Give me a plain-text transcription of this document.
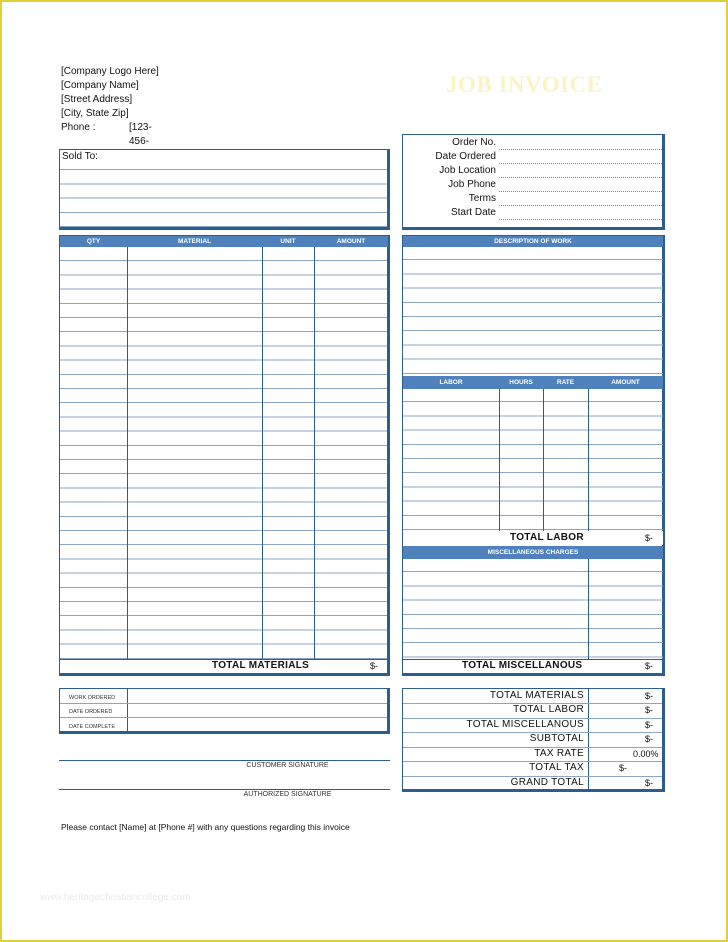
[Company Logo Here]
[Company Name]
[Street Address]
[City, State Zip]
Phone :	[123-456-
JOB INVOICE
Sold To:
Order No.
Date Ordered
Job Location
Job Phone
Terms
Start Date
QTY	MATERIAL	UNIT	AMOUNT
TOTAL MATERIALS	$-
DESCRIPTION OF WORK
LABOR	HOURS	RATE	AMOUNT
TOTAL LABOR	$-
MISCELLANEOUS CHARGES
TOTAL MISCELLANOUS	$-
WORK ORDERED
DATE ORDERED
DATE COMPLETE
TOTAL MATERIALS	$-
TOTAL LABOR	$-
TOTAL MISCELLANOUS	$-
SUBTOTAL	$-
TAX RATE	0.00%
TOTAL TAX	$-
GRAND TOTAL	$-
CUSTOMER SIGNATURE
AUTHORIZED SIGNATURE
Please contact [Name] at [Phone #] with any questions regarding this invoice
www.heritagechristiancollege.com
